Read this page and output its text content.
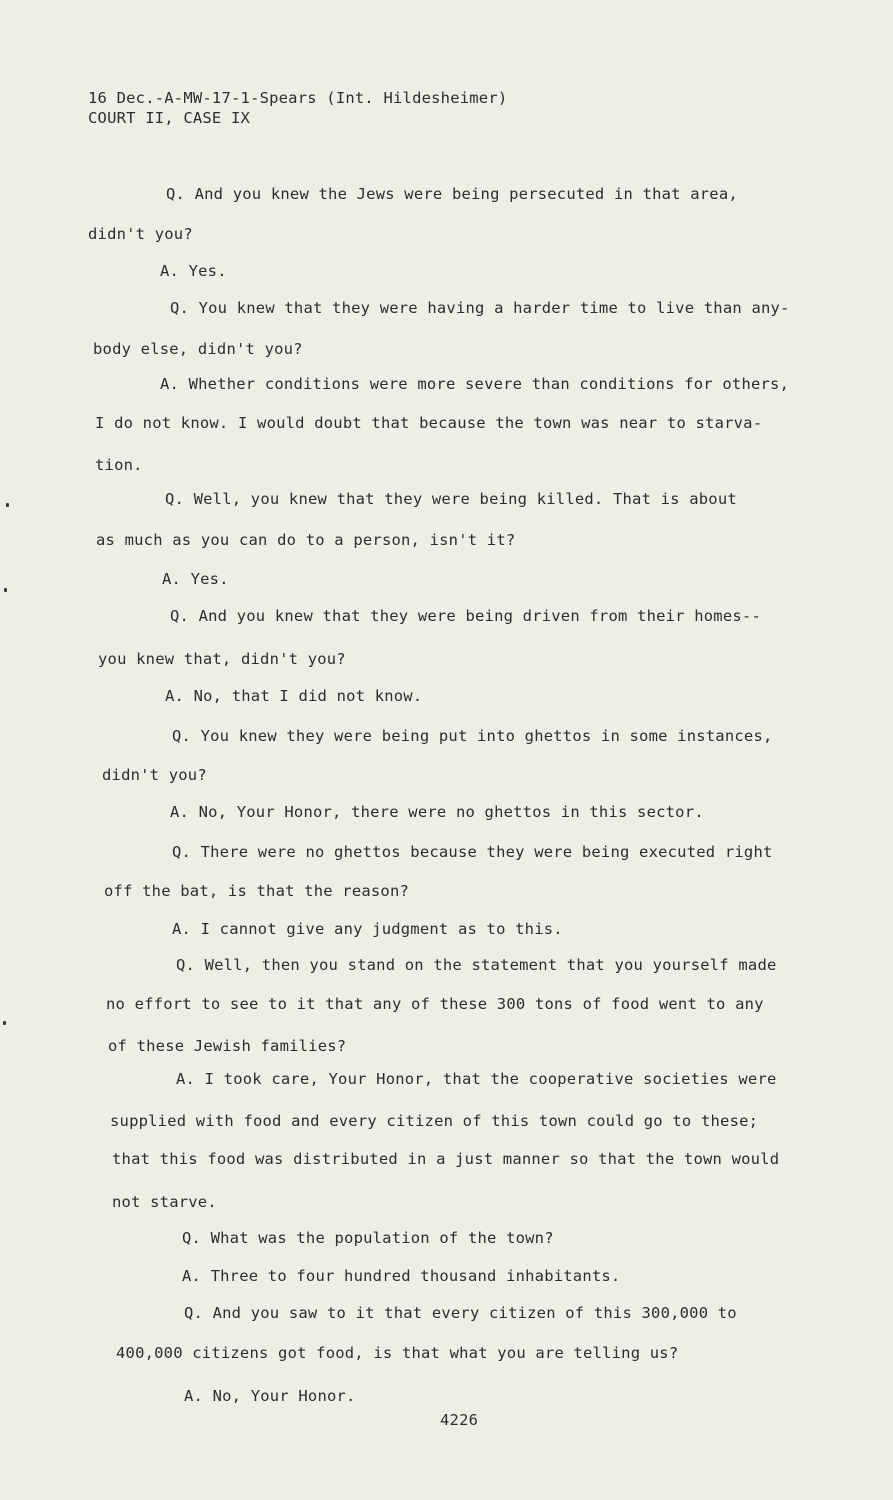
16 Dec.-A-MW-17-1-Spears (Int. Hildesheimer)
COURT II, CASE IX
Q. And you knew the Jews were being persecuted in that area,
didn't you?
A. Yes.
Q. You knew that they were having a harder time to live than any-
body else, didn't you?
A. Whether conditions were more severe than conditions for others,
I do not know. I would doubt that because the town was near to starva-
tion.
Q. Well, you knew that they were being killed. That is about
as much as you can do to a person, isn't it?
A. Yes.
Q. And you knew that they were being driven from their homes--
you knew that, didn't you?
A. No, that I did not know.
Q. You knew they were being put into ghettos in some instances,
didn't you?
A. No, Your Honor, there were no ghettos in this sector.
Q. There were no ghettos because they were being executed right
off the bat, is that the reason?
A. I cannot give any judgment as to this.
Q. Well, then you stand on the statement that you yourself made
no effort to see to it that any of these 300 tons of food went to any
of these Jewish families?
A. I took care, Your Honor, that the cooperative societies were
supplied with food and every citizen of this town could go to these;
that this food was distributed in a just manner so that the town would
not starve.
Q. What was the population of the town?
A. Three to four hundred thousand inhabitants.
Q. And you saw to it that every citizen of this 300,000 to
400,000 citizens got food, is that what you are telling us?
A. No, Your Honor.
4226
